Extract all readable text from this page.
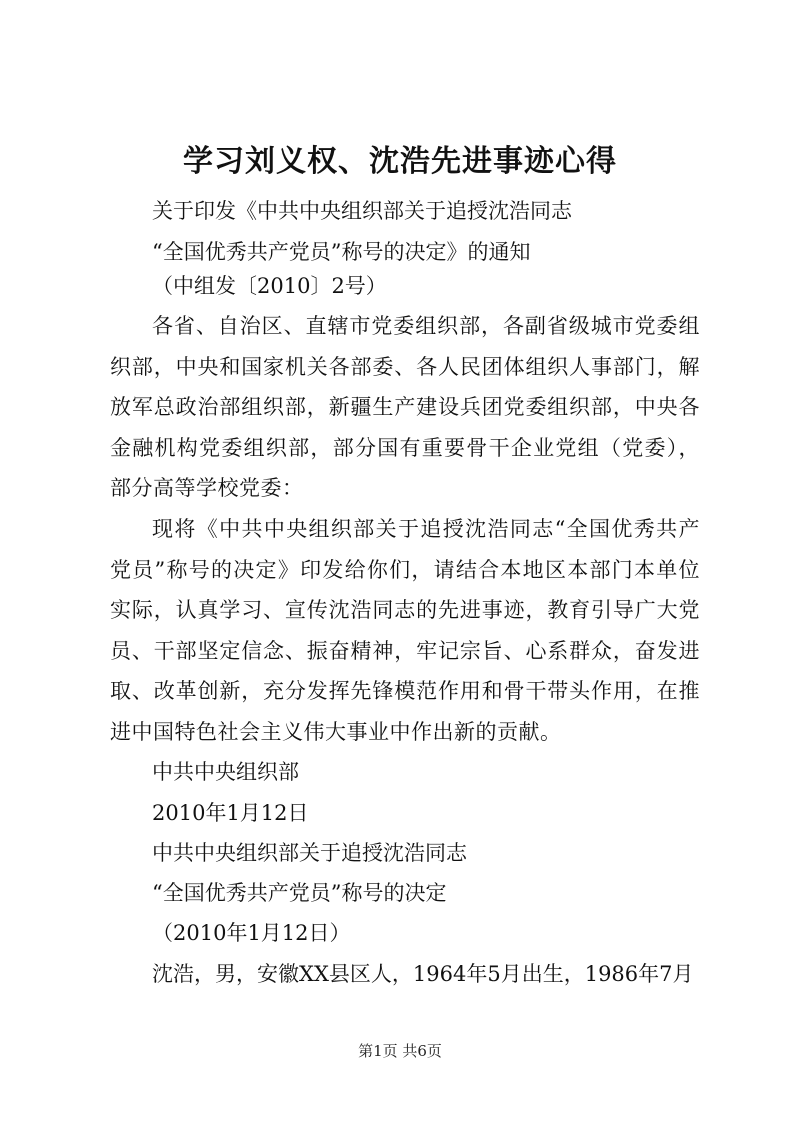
学习刘义权、沈浩先进事迹心得
关于印发《中共中央组织部关于追授沈浩同志
“全国优秀共产党员”称号的决定》的通知
（中组发〔2010〕2号）
各省、自治区、直辖市党委组织部，各副省级城市党委组织部，中央和国家机关各部委、各人民团体组织人事部门，解放军总政治部组织部，新疆生产建设兵团党委组织部，中央各金融机构党委组织部，部分国有重要骨干企业党组（党委），部分高等学校党委：
现将《中共中央组织部关于追授沈浩同志“全国优秀共产党员”称号的决定》印发给你们，请结合本地区本部门本单位实际，认真学习、宣传沈浩同志的先进事迹，教育引导广大党员、干部坚定信念、振奋精神，牢记宗旨、心系群众，奋发进取、改革创新，充分发挥先锋模范作用和骨干带头作用，在推进中国特色社会主义伟大事业中作出新的贡献。
中共中央组织部
2010年1月12日
中共中央组织部关于追授沈浩同志
“全国优秀共产党员”称号的决定
（2010年1月12日）
沈浩，男，安徽XX县区人，1964年5月出生，1986年7月
第1页 共6页
